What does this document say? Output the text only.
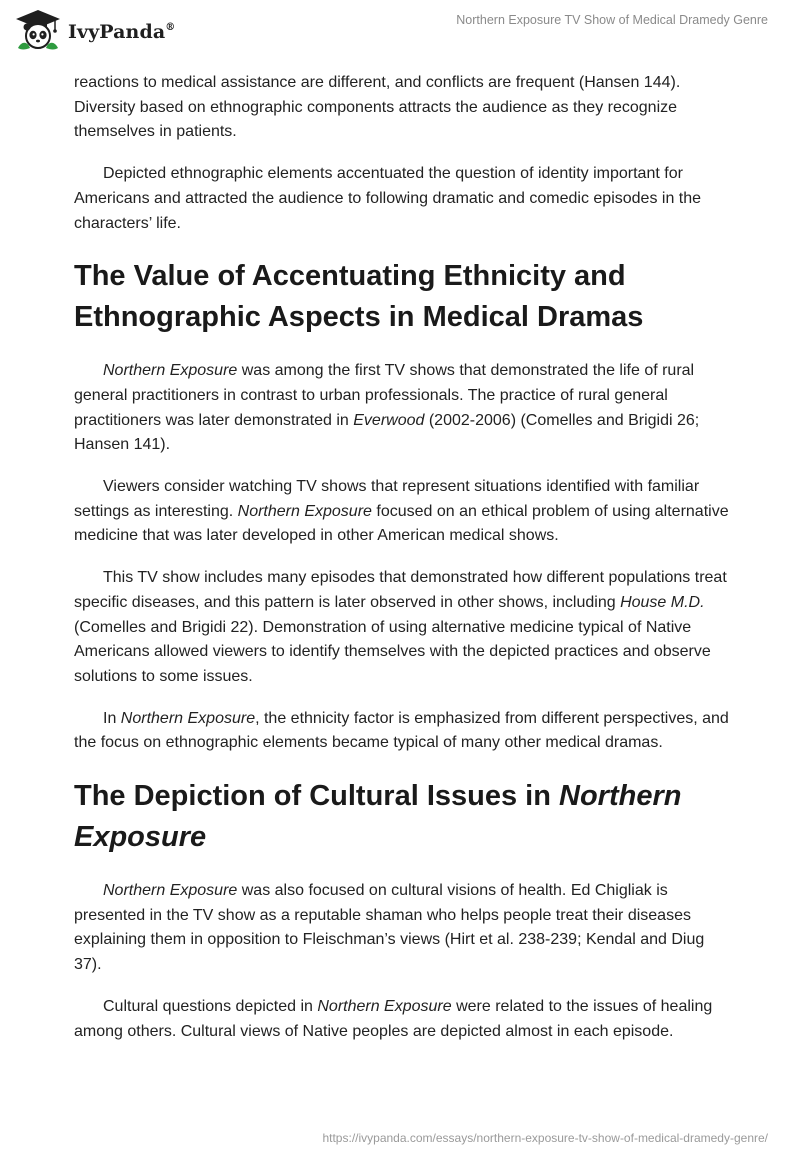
IvyPanda®
Northern Exposure TV Show of Medical Dramedy Genre

reactions to medical assistance are different, and conflicts are frequent (Hansen 144). Diversity based on ethnographic components attracts the audience as they recognize themselves in patients.

Depicted ethnographic elements accentuated the question of identity important for Americans and attracted the audience to following dramatic and comedic episodes in the characters’ life.

The Value of Accentuating Ethnicity and Ethnographic Aspects in Medical Dramas

Northern Exposure was among the first TV shows that demonstrated the life of rural general practitioners in contrast to urban professionals. The practice of rural general practitioners was later demonstrated in Everwood (2002-2006) (Comelles and Brigidi 26; Hansen 141).

Viewers consider watching TV shows that represent situations identified with familiar settings as interesting. Northern Exposure focused on an ethical problem of using alternative medicine that was later developed in other American medical shows.

This TV show includes many episodes that demonstrated how different populations treat specific diseases, and this pattern is later observed in other shows, including House M.D. (Comelles and Brigidi 22). Demonstration of using alternative medicine typical of Native Americans allowed viewers to identify themselves with the depicted practices and observe solutions to some issues.

In Northern Exposure, the ethnicity factor is emphasized from different perspectives, and the focus on ethnographic elements became typical of many other medical dramas.

The Depiction of Cultural Issues in Northern Exposure

Northern Exposure was also focused on cultural visions of health. Ed Chigliak is presented in the TV show as a reputable shaman who helps people treat their diseases explaining them in opposition to Fleischman’s views (Hirt et al. 238-239; Kendal and Diug 37).

Cultural questions depicted in Northern Exposure were related to the issues of healing among others. Cultural views of Native peoples are depicted almost in each episode.

https://ivypanda.com/essays/northern-exposure-tv-show-of-medical-dramedy-genre/
